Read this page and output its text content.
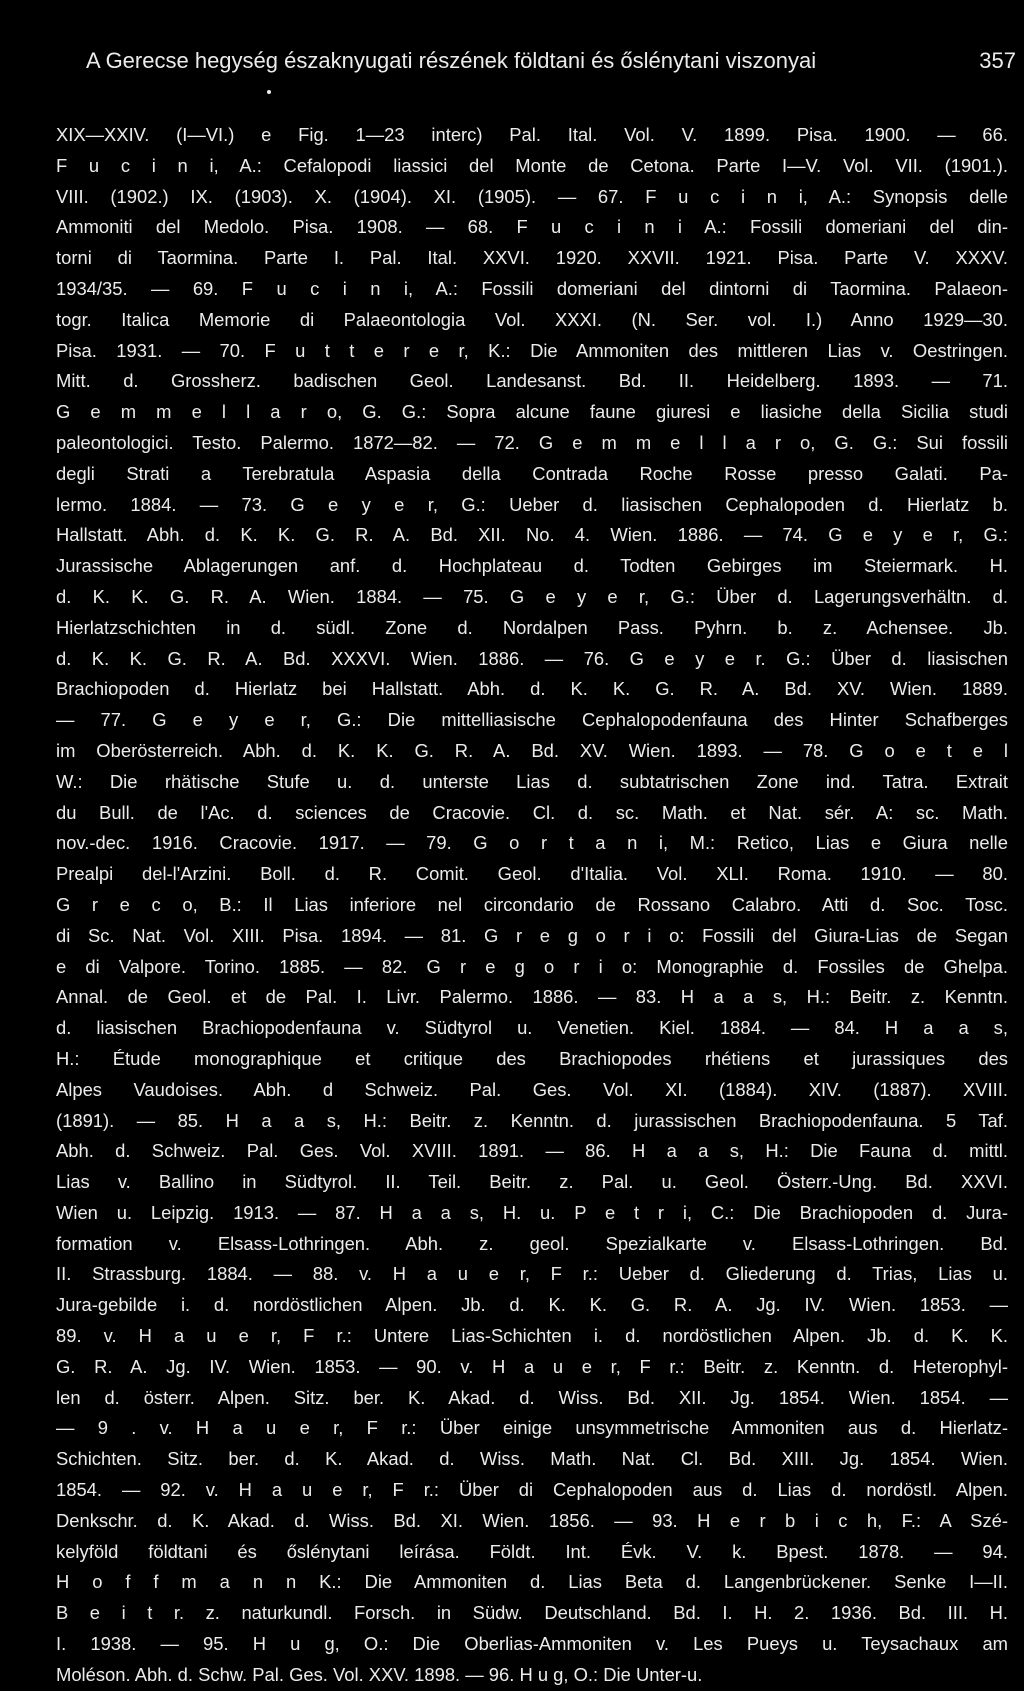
A Gerecse hegység északnyugati részének földtani és őslénytani viszonyai	357
XIX—XXIV. (I—VI.) e Fig. 1—23 interc) Pal. Ital. Vol. V. 1899. Pisa. 1900. — 66.
F u c i n i, A.: Cefalopodi liassici del Monte de Cetona. Parte I—V. Vol. VII. (1901.).
VIII. (1902.) IX. (1903). X. (1904). XI. (1905). — 67. F u c i n i, A.: Synopsis delle
Ammoniti del Medolo. Pisa. 1908. — 68. F u c i n i A.: Fossili domeriani del din-
torni di Taormina. Parte I. Pal. Ital. XXVI. 1920. XXVII. 1921. Pisa. Parte V. XXXV.
1934/35. — 69. F u c i n i, A.: Fossili domeriani del dintorni di Taormina. Palaeon-
togr. Italica Memorie di Palaeontologia Vol. XXXI. (N. Ser. vol. I.) Anno 1929—30.
Pisa. 1931. — 70. F u t t e r e r, K.: Die Ammoniten des mittleren Lias v. Oestringen.
Mitt. d. Grossherz. badischen Geol. Landesanst. Bd. II. Heidelberg. 1893. — 71.
G e m m e l l a r o, G. G.: Sopra alcune faune giuresi e liasiche della Sicilia studi
paleontologici. Testo. Palermo. 1872—82. — 72. G e m m e l l a r o, G. G.: Sui fossili
degli Strati a Terebratula Aspasia della Contrada Roche Rosse presso Galati. Pa-
lermo. 1884. — 73. G e y e r, G.: Ueber d. liasischen Cephalopoden d. Hierlatz b.
Hallstatt. Abh. d. K. K. G. R. A. Bd. XII. No. 4. Wien. 1886. — 74. G e y e r, G.:
Jurassische Ablagerungen anf. d. Hochplateau d. Todten Gebirges im Steiermark. H.
d. K. K. G. R. A. Wien. 1884. — 75. G e y e r, G.: Über d. Lagerungsverhältn. d.
Hierlatzschichten in d. südl. Zone d. Nordalpen Pass. Pyhrn. b. z. Achensee. Jb.
d. K. K. G. R. A. Bd. XXXVI. Wien. 1886. — 76. G e y e r. G.: Über d. liasischen
Brachiopoden d. Hierlatz bei Hallstatt. Abh. d. K. K. G. R. A. Bd. XV. Wien. 1889.
— 77. G e y e r, G.: Die mittelliasische Cephalopodenfauna des Hinter Schafberges
im Oberösterreich. Abh. d. K. K. G. R. A. Bd. XV. Wien. 1893. — 78. G o e t e l
W.: Die rhätische Stufe u. d. unterste Lias d. subtatrischen Zone ind. Tatra. Extrait
du Bull. de l'Ac. d. sciences de Cracovie. Cl. d. sc. Math. et Nat. sér. A: sc. Math.
nov.-dec. 1916. Cracovie. 1917. — 79. G o r t a n i, M.: Retico, Lias e Giura nelle
Prealpi del-l'Arzini. Boll. d. R. Comit. Geol. d'Italia. Vol. XLI. Roma. 1910. — 80.
G r e c o, B.: Il Lias inferiore nel circondario de Rossano Calabro. Atti d. Soc. Tosc.
di Sc. Nat. Vol. XIII. Pisa. 1894. — 81. G r e g o r i o: Fossili del Giura-Lias de Segan
e di Valpore. Torino. 1885. — 82. G r e g o r i o: Monographie d. Fossiles de Ghelpa.
Annal. de Geol. et de Pal. I. Livr. Palermo. 1886. — 83. H a a s, H.: Beitr. z. Kenntn.
d. liasischen Brachiopodenfauna v. Südtyrol u. Venetien. Kiel. 1884. — 84. H a a s,
H.: Étude monographique et critique des Brachiopodes rhétiens et jurassiques des
Alpes Vaudoises. Abh. d Schweiz. Pal. Ges. Vol. XI. (1884). XIV. (1887). XVIII.
(1891). — 85. H a a s, H.: Beitr. z. Kenntn. d. jurassischen Brachiopodenfauna. 5 Taf.
Abh. d. Schweiz. Pal. Ges. Vol. XVIII. 1891. — 86. H a a s, H.: Die Fauna d. mittl.
Lias v. Ballino in Südtyrol. II. Teil. Beitr. z. Pal. u. Geol. Österr.-Ung. Bd. XXVI.
Wien u. Leipzig. 1913. — 87. H a a s, H. u. P e t r i, C.: Die Brachiopoden d. Jura-
formation v. Elsass-Lothringen. Abh. z. geol. Spezialkarte v. Elsass-Lothringen. Bd.
II. Strassburg. 1884. — 88. v. H a u e r, F r.: Ueber d. Gliederung d. Trias, Lias u.
Jura-gebilde i. d. nordöstlichen Alpen. Jb. d. K. K. G. R. A. Jg. IV. Wien. 1853. —
89. v. H a u e r, F r.: Untere Lias-Schichten i. d. nordöstlichen Alpen. Jb. d. K. K.
G. R. A. Jg. IV. Wien. 1853. — 90. v. H a u e r, F r.: Beitr. z. Kenntn. d. Heterophyl-
len d. österr. Alpen. Sitz. ber. K. Akad. d. Wiss. Bd. XII. Jg. 1854. Wien. 1854. —
— 9 . v. H a u e r, F r.: Über einige unsymmetrische Ammoniten aus d. Hierlatz-
Schichten. Sitz. ber. d. K. Akad. d. Wiss. Math. Nat. Cl. Bd. XIII. Jg. 1854. Wien.
1854. — 92. v. H a u e r, F r.: Über di Cephalopoden aus d. Lias d. nordöstl. Alpen.
Denkschr. d. K. Akad. d. Wiss. Bd. XI. Wien. 1856. — 93. H e r b i c h, F.: A Szé-
kelyföld földtani és őslénytani leírása. Földt. Int. Évk. V. k. Bpest. 1878. — 94.
H o f f m a n n K.: Die Ammoniten d. Lias Beta d. Langenbrückener. Senke I—II.
B e i t r. z. naturkundl. Forsch. in Südw. Deutschland. Bd. I. H. 2. 1936. Bd. III. H.
I. 1938. — 95. H u g, O.: Die Oberlias-Ammoniten v. Les Pueys u. Teysachaux am
Moléson. Abh. d. Schw. Pal. Ges. Vol. XXV. 1898. — 96. H u g, O.: Die Unter-u.
